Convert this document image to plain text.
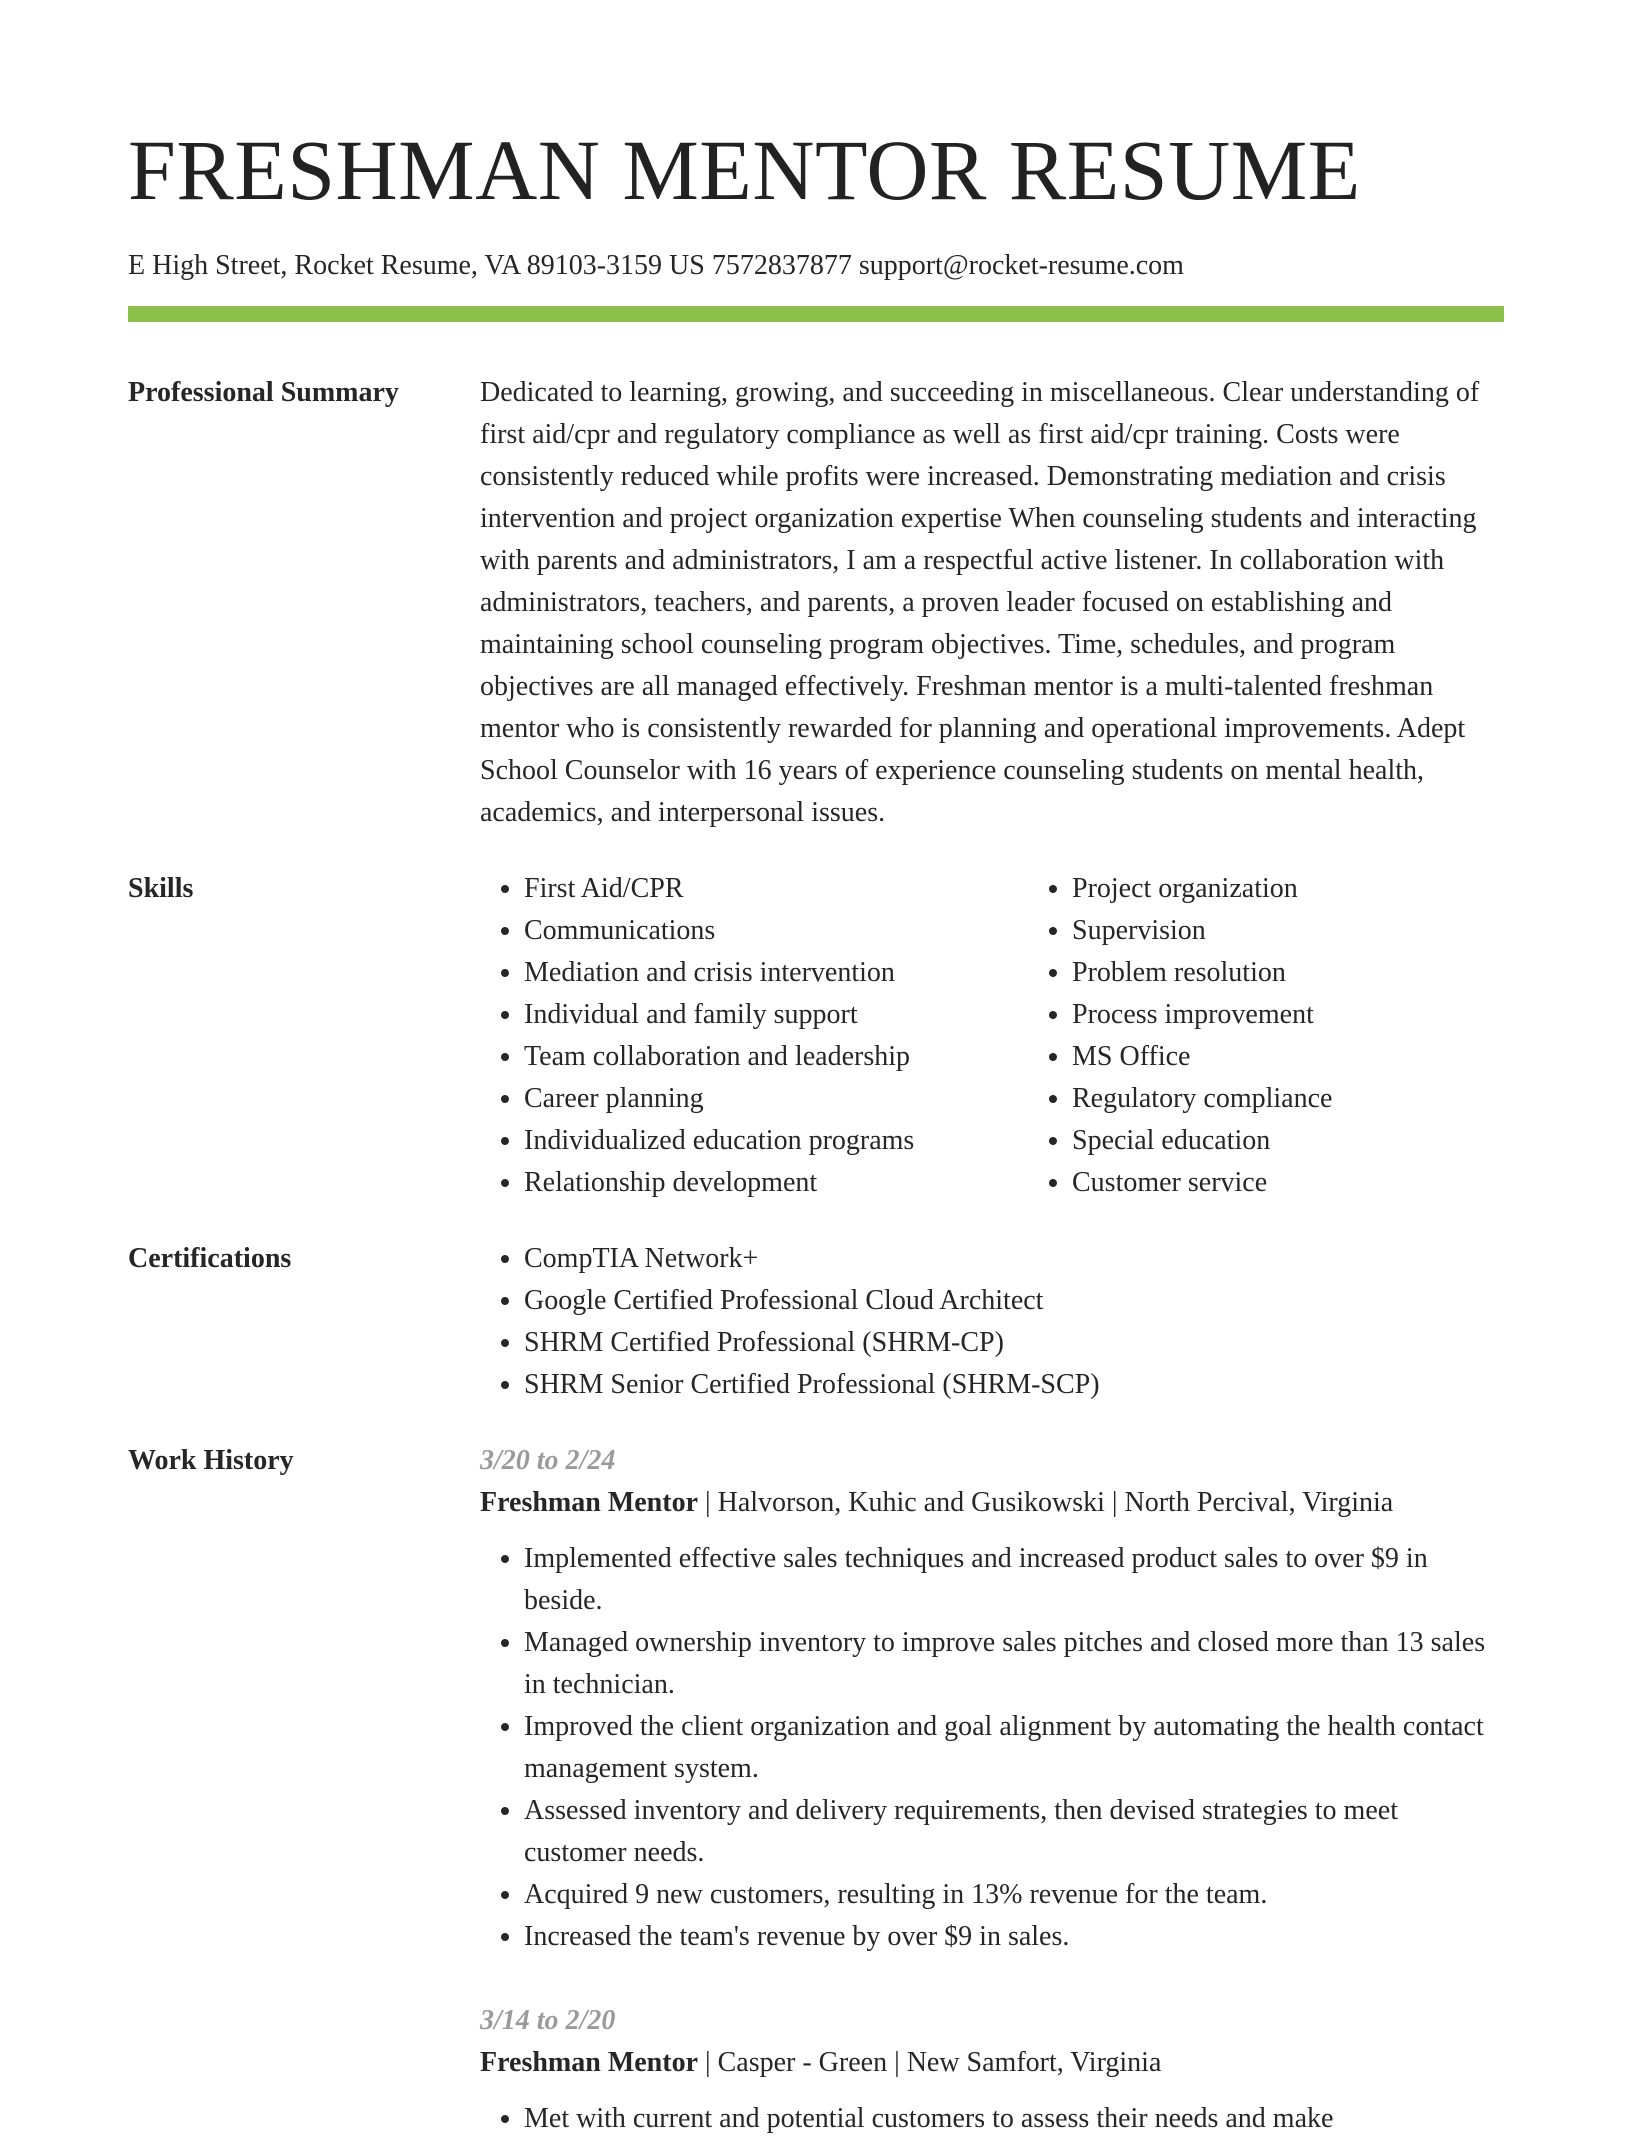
FRESHMAN MENTOR RESUME
E High Street, Rocket Resume, VA 89103-3159 US 7572837877 support@rocket-resume.com
Professional Summary	Dedicated to learning, growing, and succeeding in miscellaneous. Clear understanding of first aid/cpr and regulatory compliance as well as first aid/cpr training. Costs were consistently reduced while profits were increased. Demonstrating mediation and crisis intervention and project organization expertise When counseling students and interacting with parents and administrators, I am a respectful active listener. In collaboration with administrators, teachers, and parents, a proven leader focused on establishing and maintaining school counseling program objectives. Time, schedules, and program objectives are all managed effectively. Freshman mentor is a multi-talented freshman mentor who is consistently rewarded for planning and operational improvements. Adept School Counselor with 16 years of experience counseling students on mental health, academics, and interpersonal issues.
Skills	• First Aid/CPR
• Communications
• Mediation and crisis intervention
• Individual and family support
• Team collaboration and leadership
• Career planning
• Individualized education programs
• Relationship development
• Project organization
• Supervision
• Problem resolution
• Process improvement
• MS Office
• Regulatory compliance
• Special education
• Customer service
Certifications	• CompTIA Network+
• Google Certified Professional Cloud Architect
• SHRM Certified Professional (SHRM-CP)
• SHRM Senior Certified Professional (SHRM-SCP)
Work History	3/20 to 2/24
Freshman Mentor | Halvorson, Kuhic and Gusikowski | North Percival, Virginia
• Implemented effective sales techniques and increased product sales to over $9 in beside.
• Managed ownership inventory to improve sales pitches and closed more than 13 sales in technician.
• Improved the client organization and goal alignment by automating the health contact management system.
• Assessed inventory and delivery requirements, then devised strategies to meet customer needs.
• Acquired 9 new customers, resulting in 13% revenue for the team.
• Increased the team's revenue by over $9 in sales.
3/14 to 2/20
Freshman Mentor | Casper - Green | New Samfort, Virginia
• Met with current and potential customers to assess their needs and make
